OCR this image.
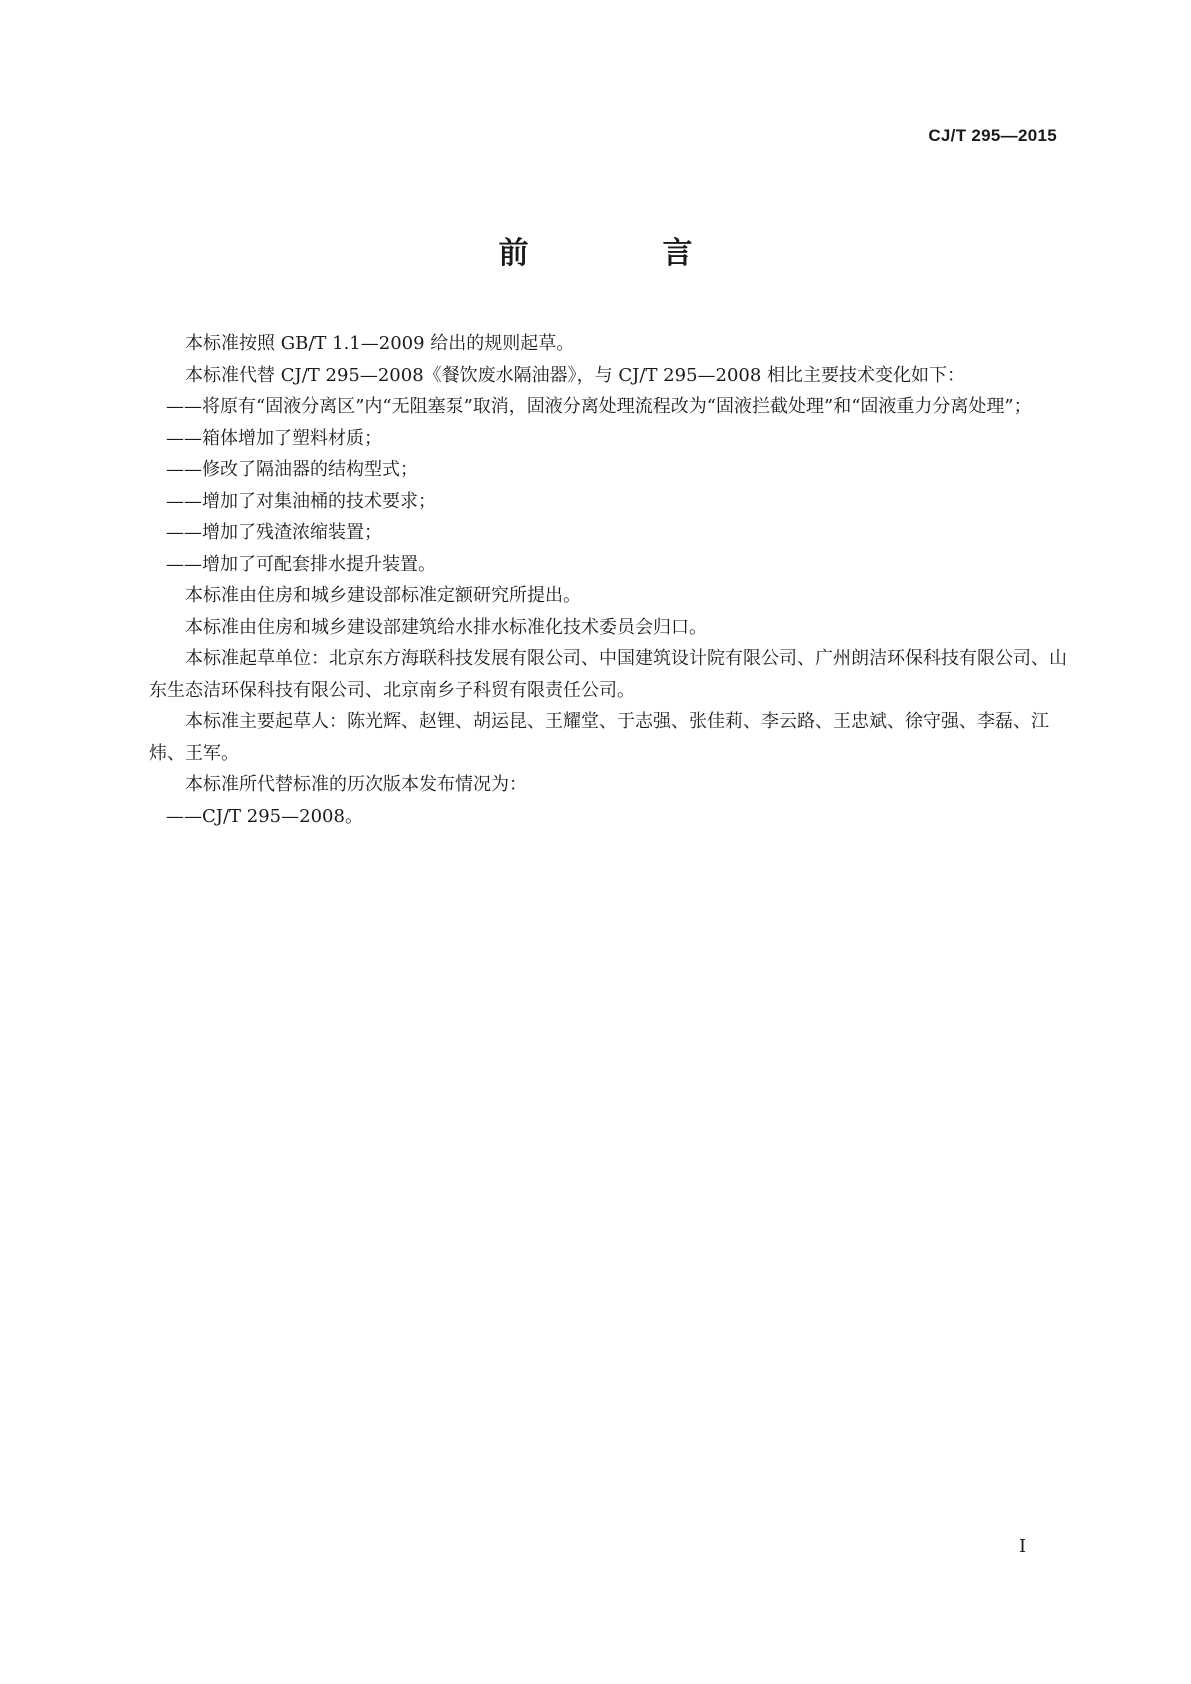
CJ/T 295—2015
前　言

本标准按照 GB/T 1.1—2009 给出的规则起草。

本标准代替 CJ/T 295—2008《餐饮废水隔油器》，与 CJ/T 295—2008 相比主要技术变化如下：

——将原有“固液分离区”内“无阻塞泵”取消，固液分离处理流程改为“固液拦截处理”和“固液重力分离处理”；

——箱体增加了塑料材质；

——修改了隔油器的结构型式；

——增加了对集油桶的技术要求；

——增加了残渣浓缩装置；

——增加了可配套排水提升装置。

本标准由住房和城乡建设部标准定额研究所提出。

本标准由住房和城乡建设部建筑给水排水标准化技术委员会归口。

本标准起草单位：北京东方海联科技发展有限公司、中国建筑设计院有限公司、广州朗洁环保科技有限公司、山东生态洁环保科技有限公司、北京南乡子科贸有限责任公司。

本标准主要起草人：陈光辉、赵锂、胡运昆、王耀堂、于志强、张佳莉、李云路、王忠斌、徐守强、李磊、江炜、王军。

本标准所代替标准的历次版本发布情况为：

——CJ/T 295—2008。

I
